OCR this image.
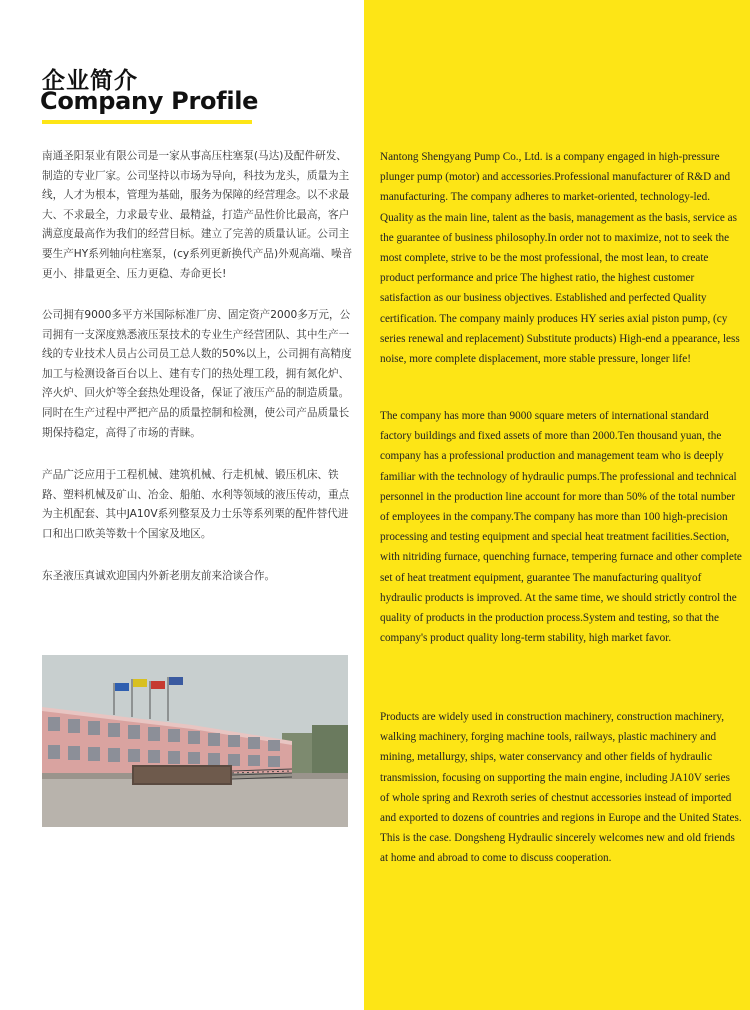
企业简介
Company Profile

南通圣阳泵业有限公司是一家从事高压柱塞泵(马达)及配件研发、制造的专业厂家。公司坚持以市场为导向，科技为龙头，质量为主线，人才为根本，管理为基础，服务为保障的经营理念。以不求最大、不求最全，力求最专业、最精益，打造产品性价比最高，客户满意度最高作为我们的经营目标。建立了完善的质量认证。公司主要生产HY系列轴向柱塞泵，(cy系列更新换代产品)外观高端、噪音更小、排量更全、压力更稳、寿命更长!

公司拥有9000多平方米国际标准厂房、固定资产2000多万元，公司拥有一支深度熟悉液压泵技术的专业生产经营团队、其中生产一线的专业技术人员占公司员工总人数的50%以上，公司拥有高精度加工与检测设备百台以上、建有专门的热处理工段，拥有氮化炉、淬火炉、回火炉等全套热处理设备，保证了液压产品的制造质量。同时在生产过程中严把产品的质量控制和检测，使公司产品质量长期保持稳定，高得了市场的青睐。

产品广泛应用于工程机械、建筑机械、行走机械、锻压机床、铁路、塑料机械及矿山、冶金、船舶、水利等领域的液压传动，重点为主机配套、其中JA10V系列整泵及力士乐等系列栗的配件替代进口和出口欧美等数十个国家及地区。

东圣液压真诚欢迎国内外新老朋友前来洽谈合作。

Nantong Shengyang Pump Co., Ltd. is a company engaged in high-pressure plunger pump (motor) and accessories.Professional manufacturer of R&D and manufacturing. The company adheres to market-oriented, technology-led. Quality as the main line, talent as the basis, management as the basis, service as the guarantee of business philosophy.In order not to maximize, not to seek the most complete, strive to be the most professional, the most lean, to create product performance and price The highest ratio, the highest customer satisfaction as our business objectives. Established and perfected Quality certification. The company mainly produces HY series axial piston pump, (cy series renewal and replacement) Substitute products) High-end a ppearance, less noise, more complete displacement, more stable pressure, longer life!

The company has more than 9000 square meters of international standard factory buildings and fixed assets of more than 2000.Ten thousand yuan, the company has a professional production and management team who is deeply familiar with the technology of hydraulic pumps.The professional and technical personnel in the production line account for more than 50% of the total number of employees in the company.The company has more than 100 high-precision processing and testing equipment and special heat treatment facilities.Section, with nitriding furnace, quenching furnace, tempering furnace and other complete set of heat treatment equipment, guarantee The manufacturing qualityof hydraulic products is improved. At the same time, we should strictly control the quality of products in the production process.System and testing, so that the company's product quality long-term stability, high market favor.

Products are widely used in construction machinery, construction machinery, walking machinery, forging machine tools, railways, plastic machinery and mining, metallurgy, ships, water conservancy and other fields of hydraulic transmission, focusing on supporting the main engine, including JA10V series of whole spring and Rexroth series of chestnut accessories instead of imported and exported to dozens of countries and regions in Europe and the United States. This is the case. Dongsheng Hydraulic sincerely welcomes new and old friends at home and abroad to come to discuss cooperation.
